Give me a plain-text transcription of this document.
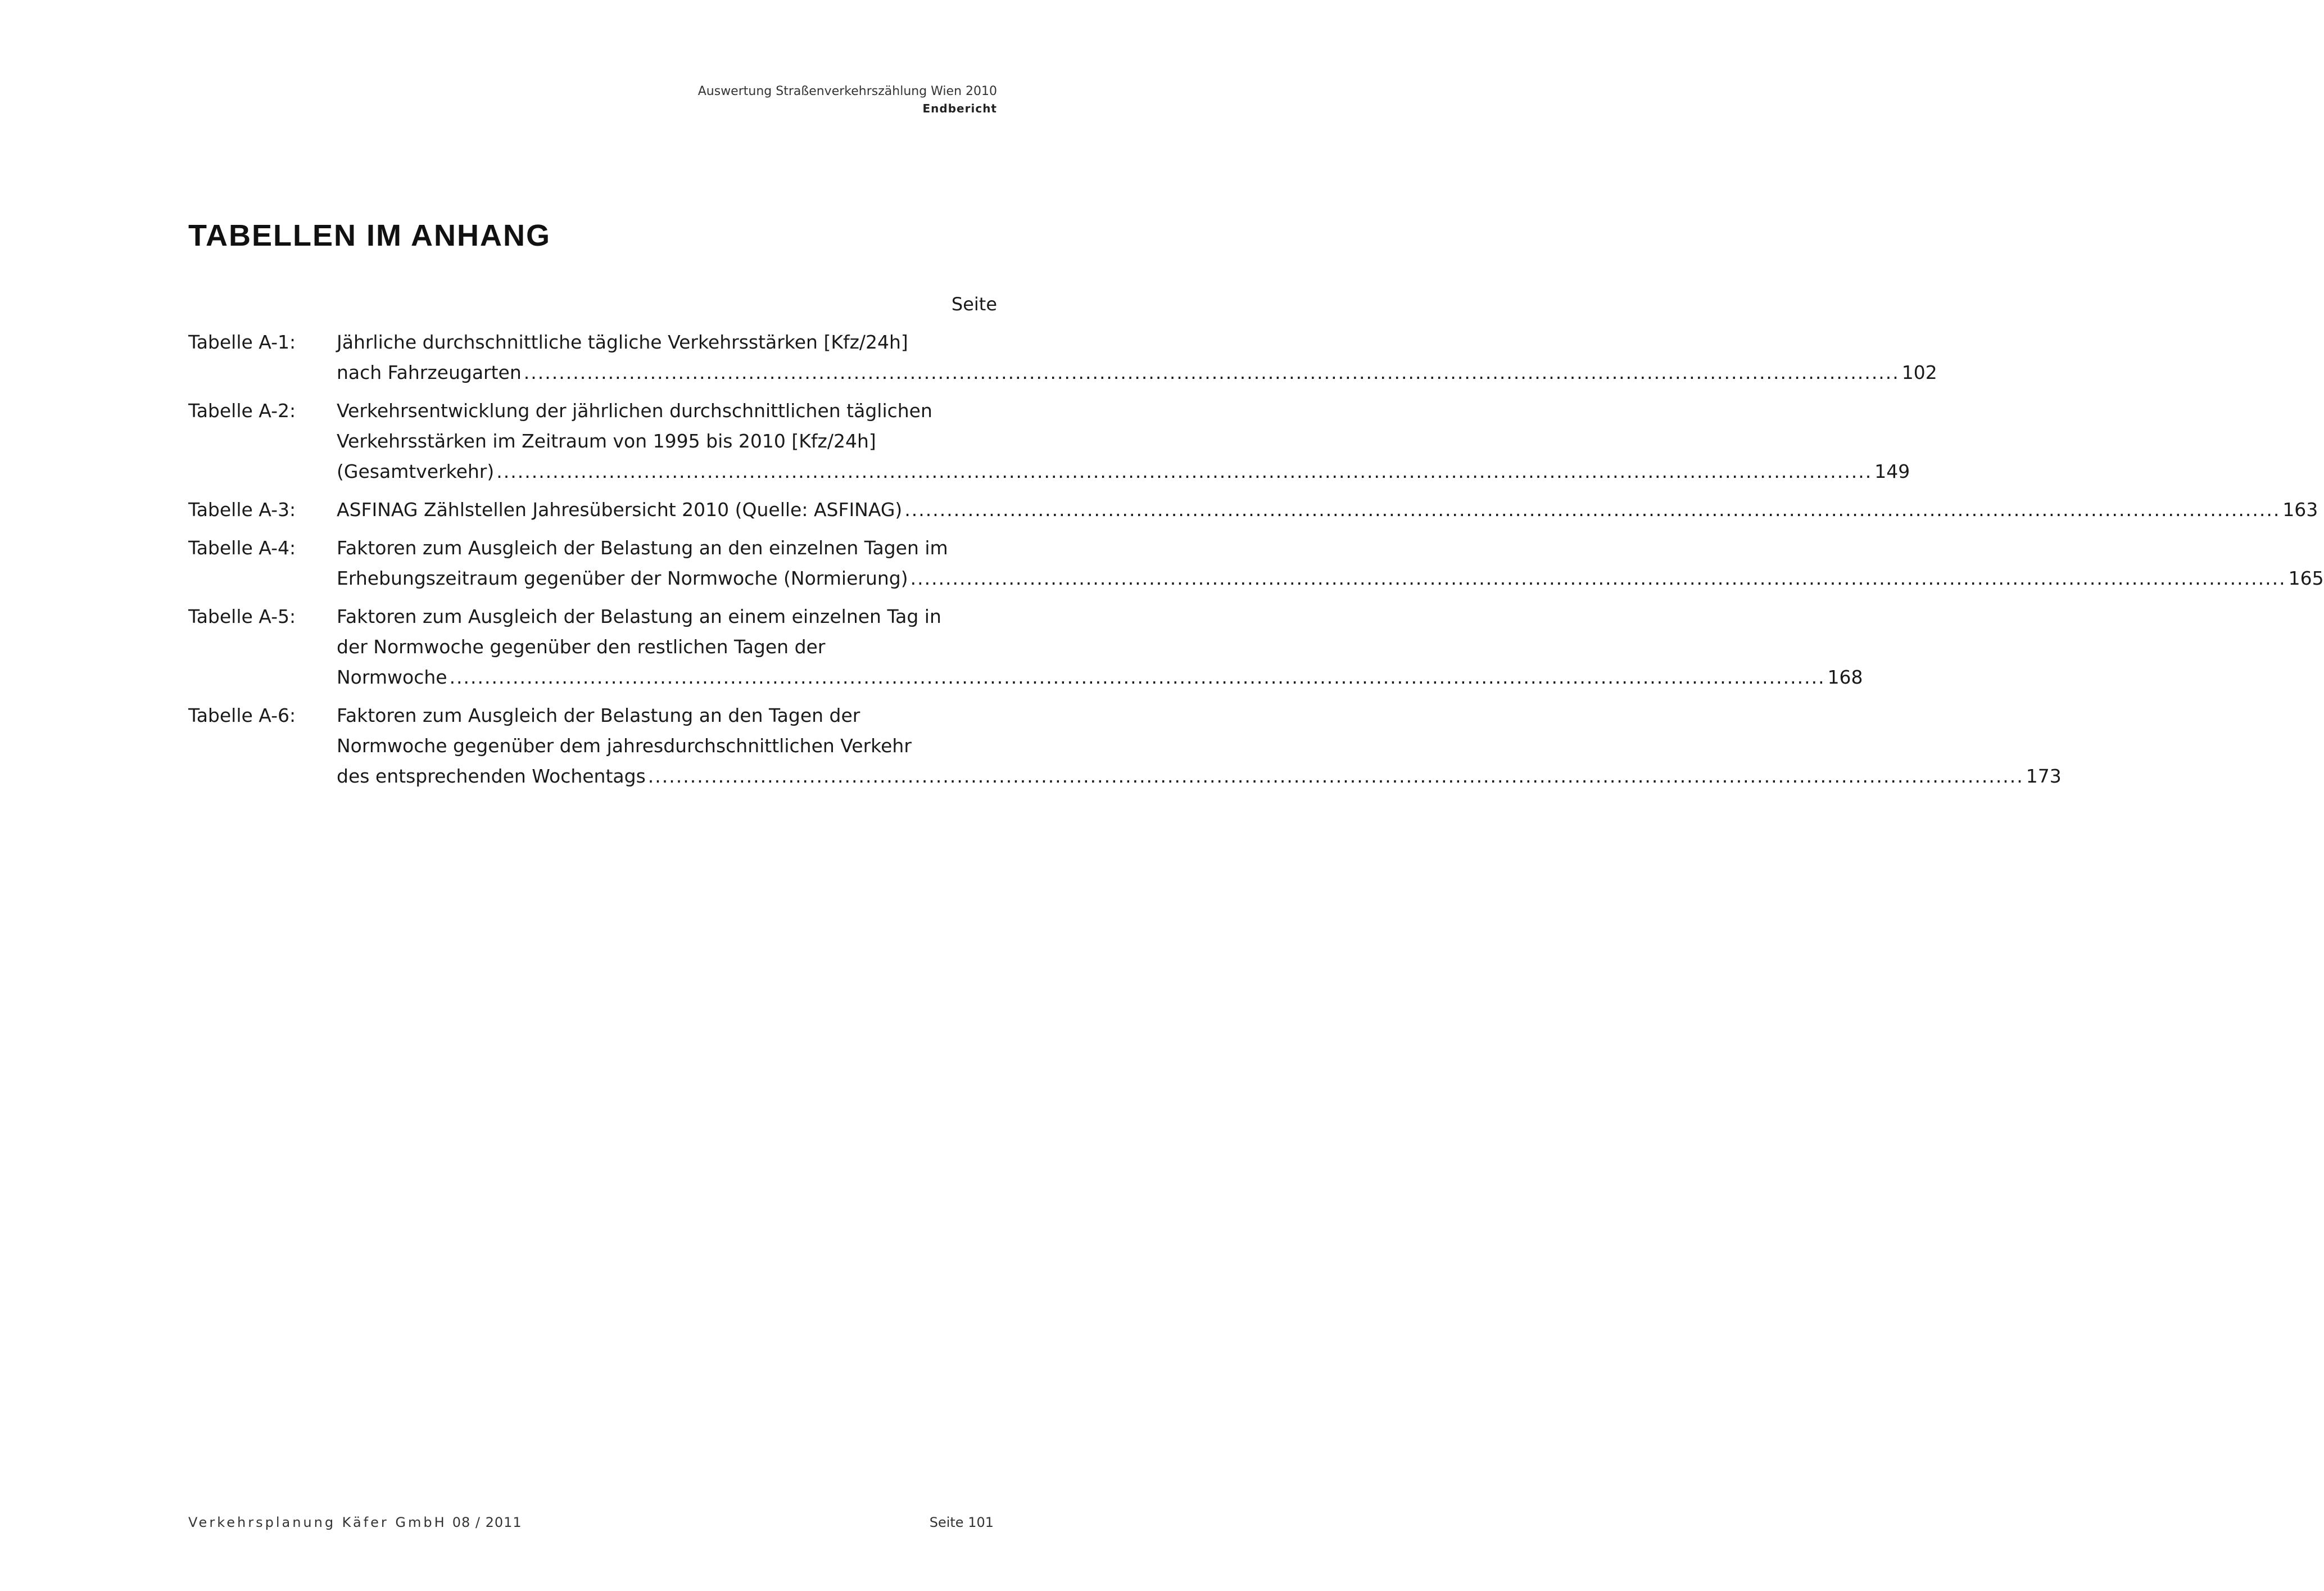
Auswertung Straßenverkehrszählung Wien 2010
Endbericht
TABELLEN IM ANHANG
Seite
Tabelle A-1:	Jährliche durchschnittliche tägliche Verkehrsstärken [Kfz/24h]
nach Fahrzeugarten .................................................................................................................................................................................................... 102
Tabelle A-2:	Verkehrsentwicklung der jährlichen durchschnittlichen täglichen
Verkehrsstärken im Zeitraum von 1995 bis 2010 [Kfz/24h]
(Gesamtverkehr) .................................................................................................................................................................................................... 149
Tabelle A-3:	ASFINAG Zählstellen Jahresübersicht 2010 (Quelle: ASFINAG) .................................................................................................................................................................................................... 163
Tabelle A-4:	Faktoren zum Ausgleich der Belastung an den einzelnen Tagen im
Erhebungszeitraum gegenüber der Normwoche (Normierung) .................................................................................................................................................................................................... 165
Tabelle A-5:	Faktoren zum Ausgleich der Belastung an einem einzelnen Tag in
der Normwoche gegenüber den restlichen Tagen der
Normwoche .................................................................................................................................................................................................... 168
Tabelle A-6:	Faktoren zum Ausgleich der Belastung an den Tagen der
Normwoche gegenüber dem jahresdurchschnittlichen Verkehr
des entsprechenden Wochentags .................................................................................................................................................................................................... 173
Verkehrsplanung Käfer GmbH 08 / 2011	Seite 101
